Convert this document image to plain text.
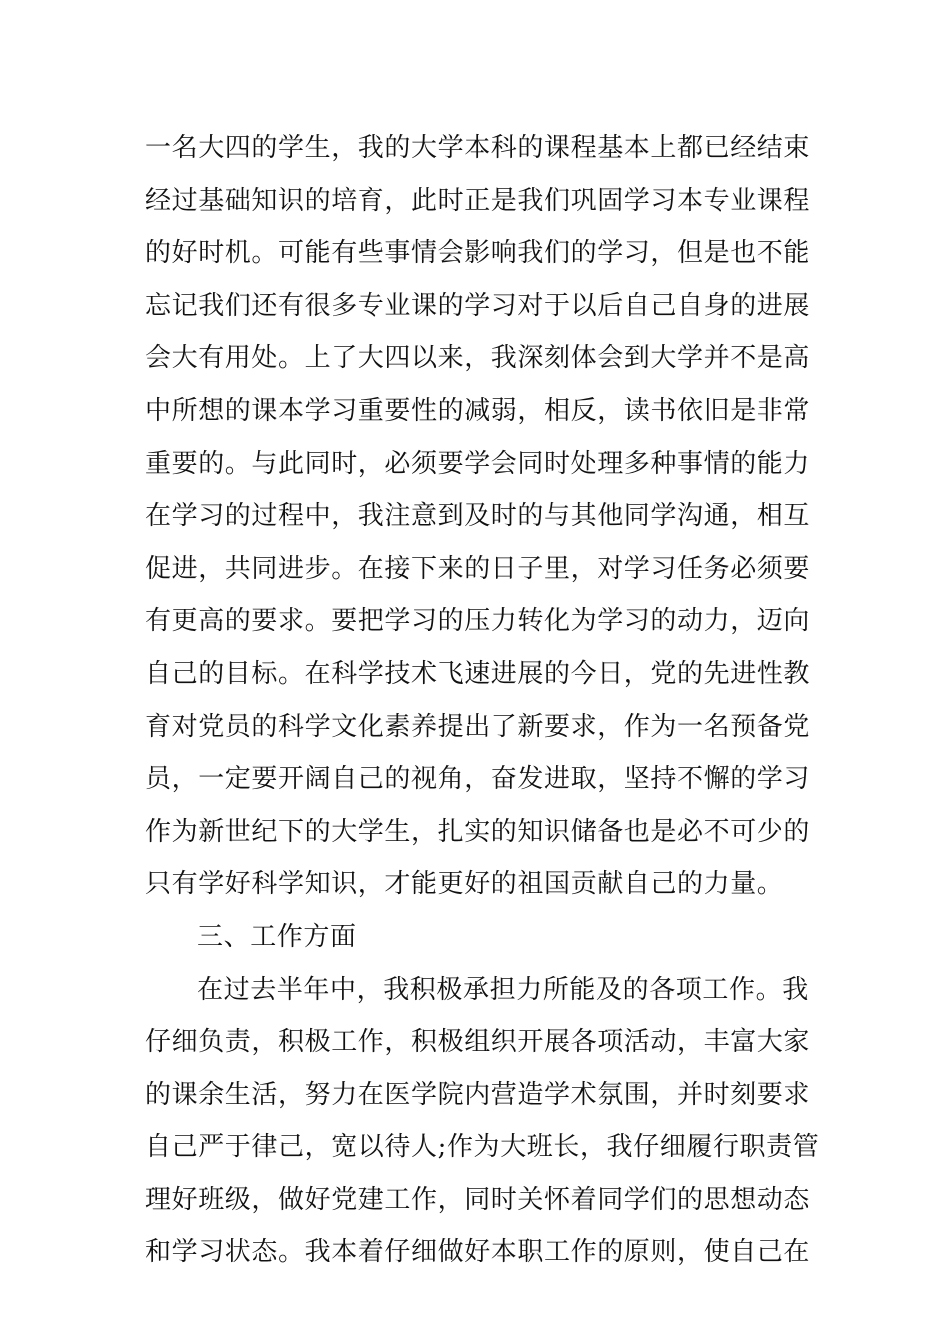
一名大四的学生，我的大学本科的课程基本上都已经结束
经过基础知识的培育，此时正是我们巩固学习本专业课程
的好时机。可能有些事情会影响我们的学习，但是也不能
忘记我们还有很多专业课的学习对于以后自己自身的进展
会大有用处。上了大四以来，我深刻体会到大学并不是高
中所想的课本学习重要性的减弱，相反，读书依旧是非常
重要的。与此同时，必须要学会同时处理多种事情的能力
在学习的过程中，我注意到及时的与其他同学沟通，相互
促进，共同进步。在接下来的日子里，对学习任务必须要
有更高的要求。要把学习的压力转化为学习的动力，迈向
自己的目标。在科学技术飞速进展的今日，党的先进性教
育对党员的科学文化素养提出了新要求，作为一名预备党
员，一定要开阔自己的视角，奋发进取，坚持不懈的学习
作为新世纪下的大学生，扎实的知识储备也是必不可少的
只有学好科学知识，才能更好的祖国贡献自己的力量。
三、工作方面
在过去半年中，我积极承担力所能及的各项工作。我
仔细负责，积极工作，积极组织开展各项活动，丰富大家
的课余生活，努力在医学院内营造学术氛围，并时刻要求
自己严于律己，宽以待人;作为大班长，我仔细履行职责管
理好班级，做好党建工作，同时关怀着同学们的思想动态
和学习状态。我本着仔细做好本职工作的原则，使自己在
